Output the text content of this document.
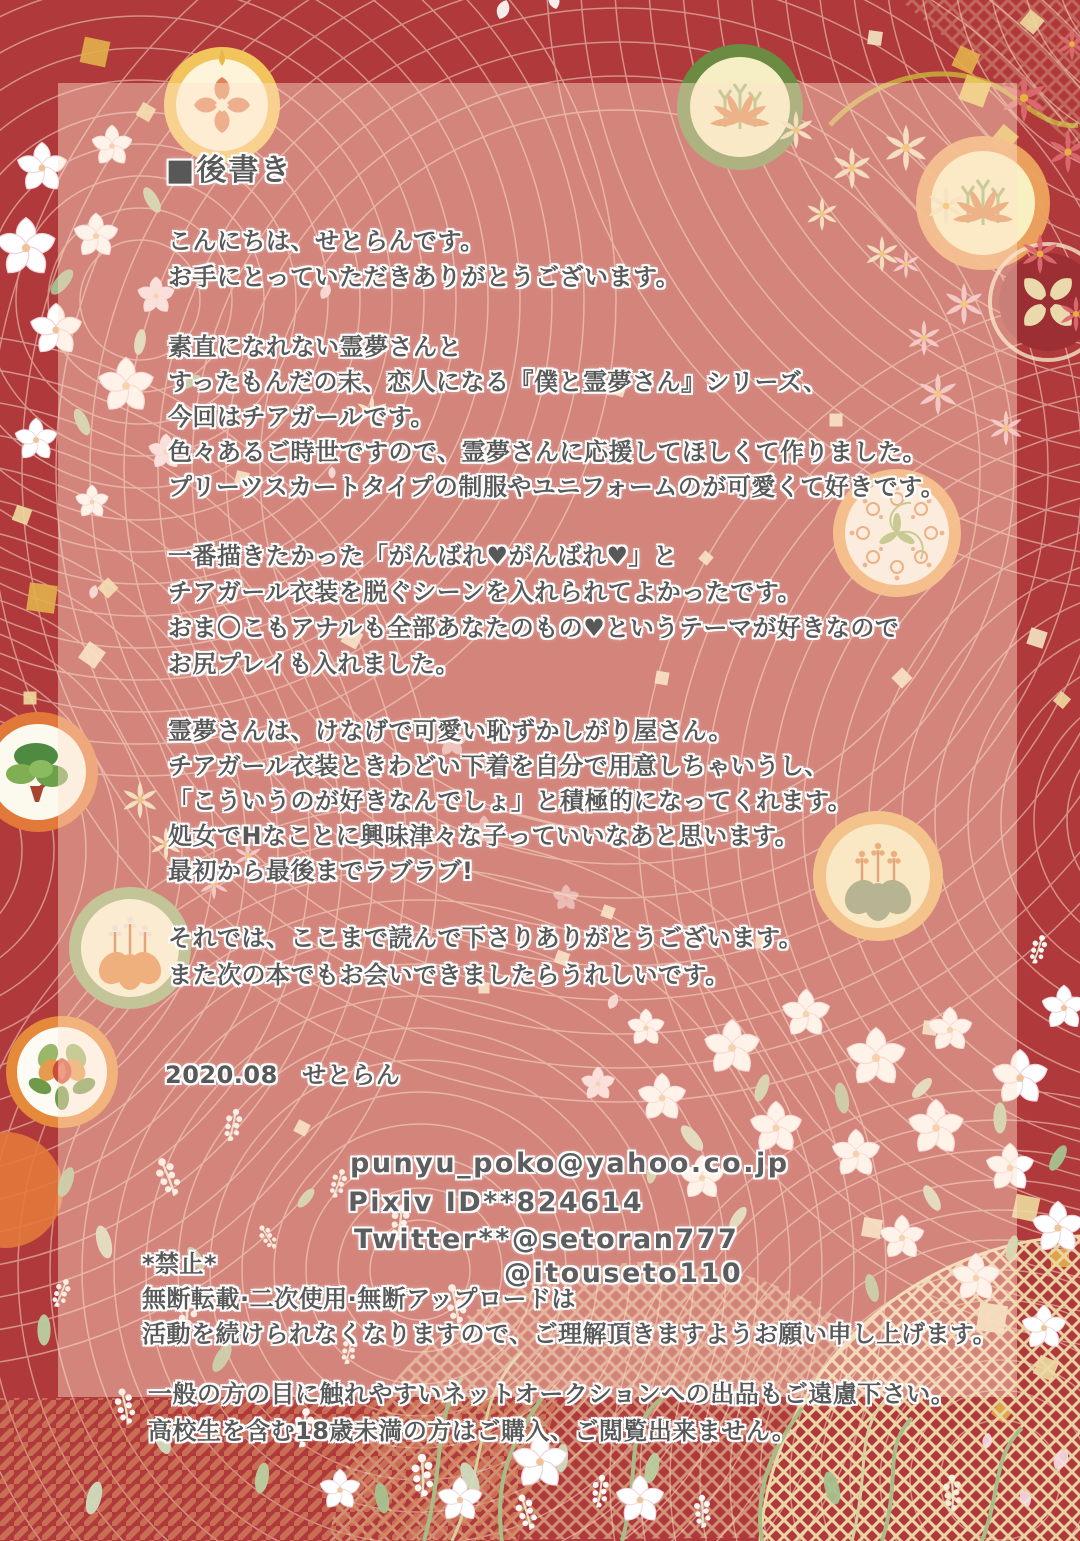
■後書き
こんにちは、せとらんです。
お手にとっていただきありがとうございます。
素直になれない霊夢さんと
すったもんだの末、恋人になる『僕と霊夢さん』シリーズ、
今回はチアガールです。
色々あるご時世ですので、霊夢さんに応援してほしくて作りました。
プリーツスカートタイプの制服やユニフォームのが可愛くて好きです。
一番描きたかった「がんばれ♥がんばれ♥」と
チアガール衣装を脱ぐシーンを入れられてよかったです。
おま〇こもアナルも全部あなたのもの♥というテーマが好きなので
お尻プレイも入れました。
霊夢さんは、けなげで可愛い恥ずかしがり屋さん。
チアガール衣装ときわどい下着を自分で用意しちゃいうし、
「こういうのが好きなんでしょ」と積極的になってくれます。
処女でHなことに興味津々な子っていいなあと思います。
最初から最後までラブラブ!
それでは、ここまで読んで下さりありがとうございます。
また次の本でもお会いできましたらうれしいです。
2020.08　せとらん
punyu_poko@yahoo.co.jp
Pixiv ID**824614
Twitter**@setoran777
@itouseto110
*禁止*
無断転載·二次使用·無断アップロードは
活動を続けられなくなりますので、ご理解頂きますようお願い申し上げます。
一般の方の目に触れやすいネットオークションへの出品もご遠慮下さい。
高校生を含む18歳未満の方はご購入、ご閲覧出来ません。
